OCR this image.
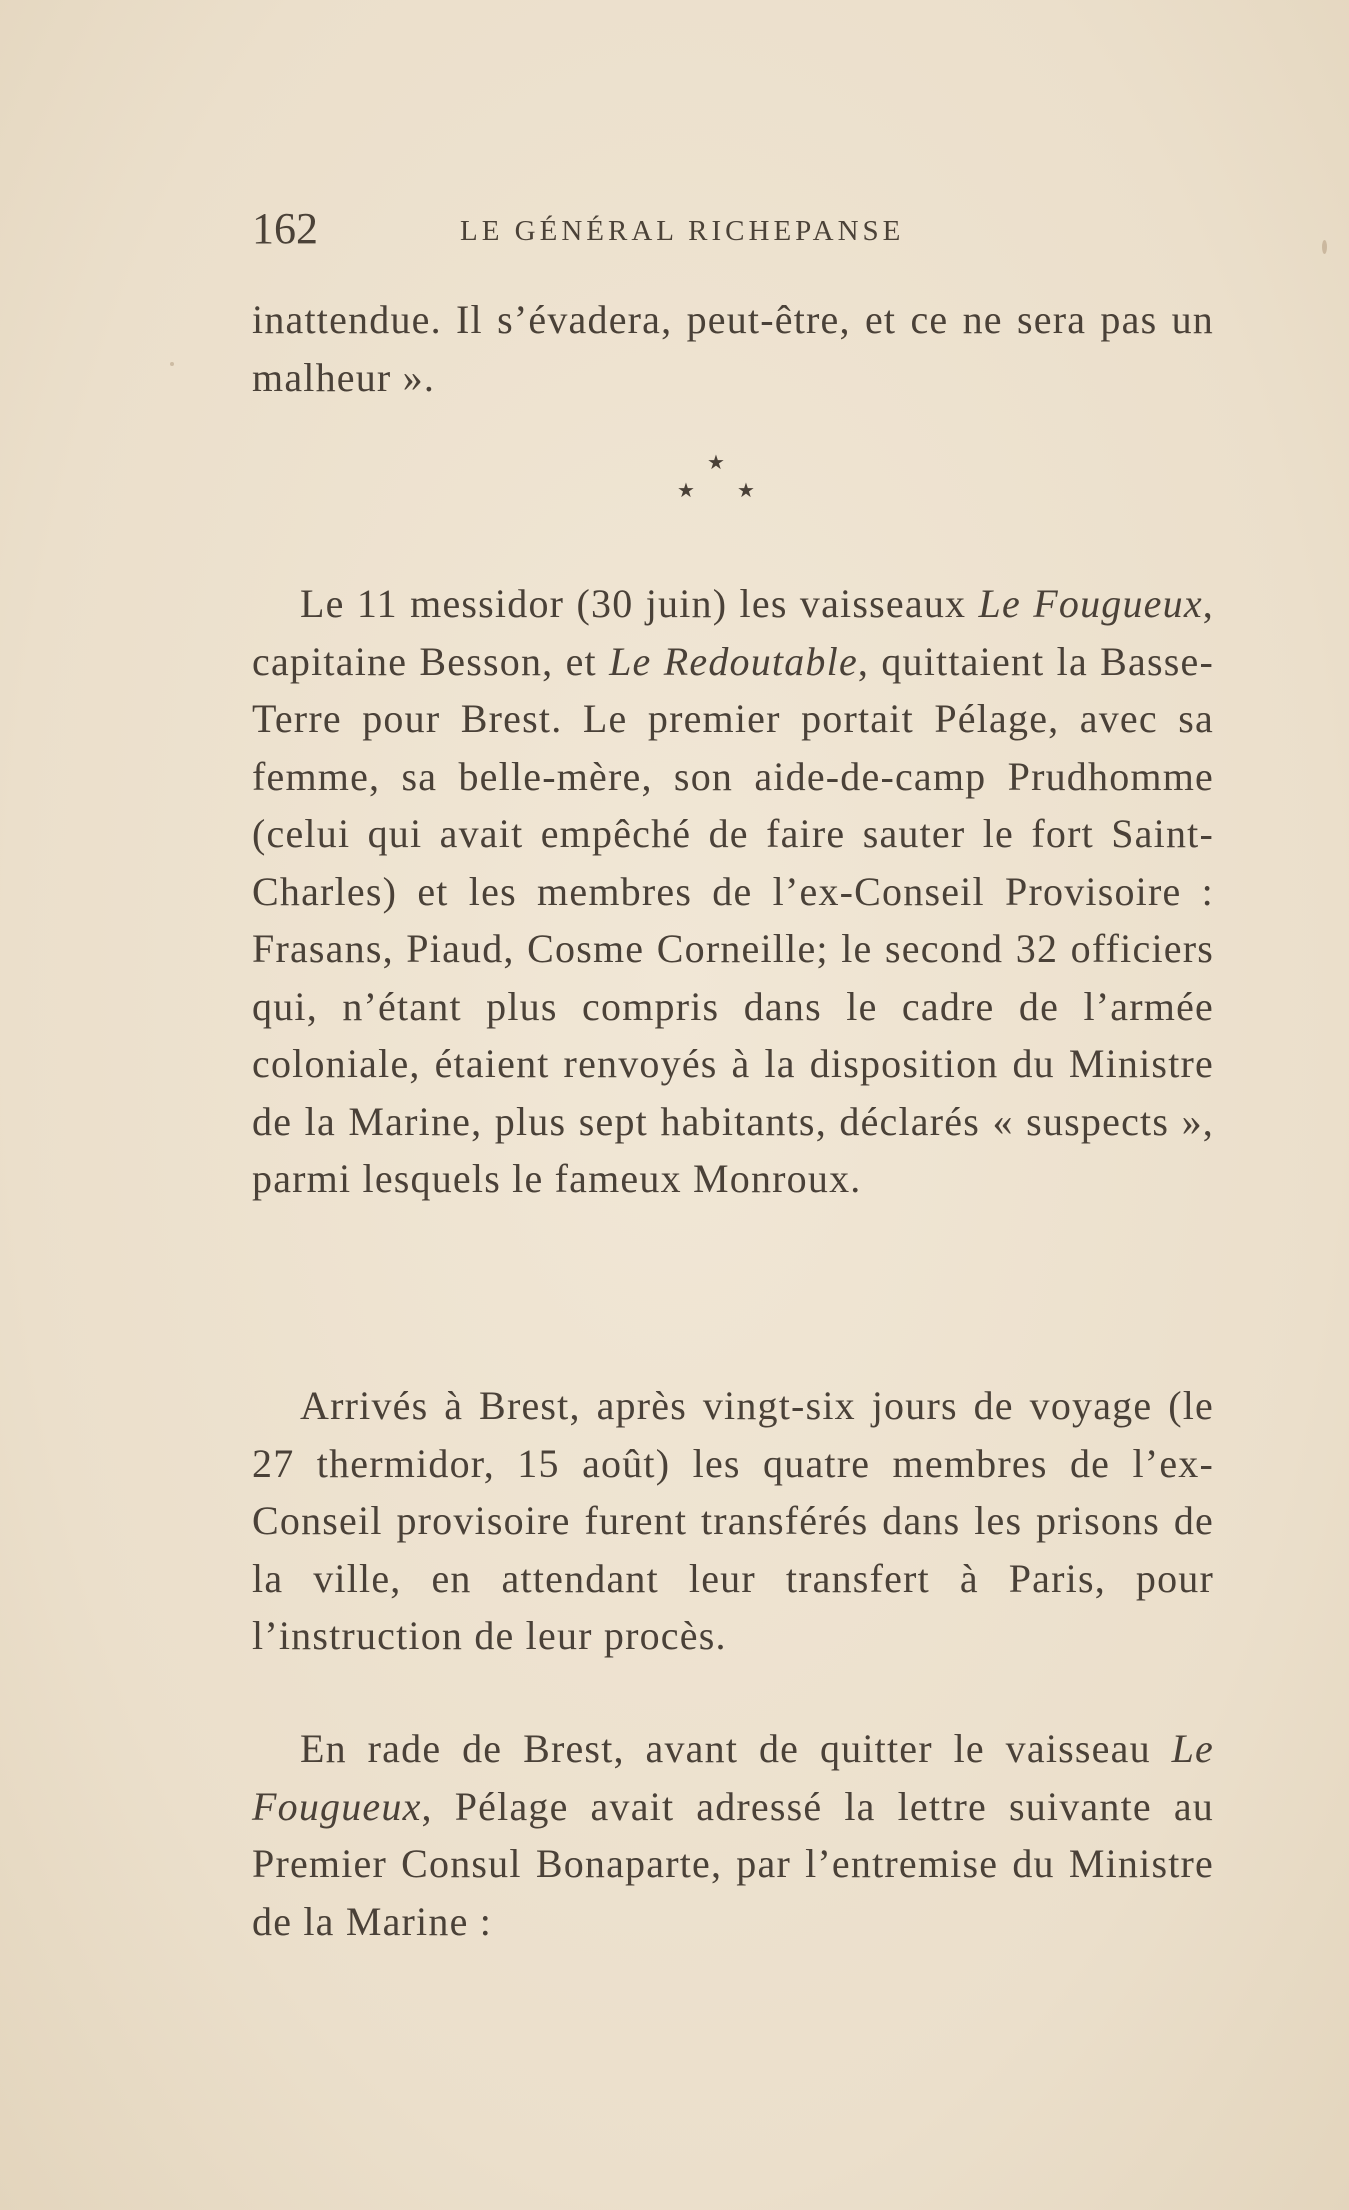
162	LE GÉNÉRAL RICHEPANSE

inattendue. Il s’évadera, peut-être, et ce ne sera pas un malheur ».

★
★ ★

Le 11 messidor (30 juin) les vaisseaux Le Fougueux, capitaine Besson, et Le Redoutable, quittaient la Basse-Terre pour Brest. Le premier portait Pélage, avec sa femme, sa belle-mère, son aide-de-camp Prudhomme (celui qui avait empêché de faire sauter le fort Saint-Charles) et les membres de l’ex-Conseil Provisoire : Frasans, Piaud, Cosme Corneille; le second 32 officiers qui, n’étant plus compris dans le cadre de l’armée coloniale, étaient renvoyés à la disposition du Ministre de la Marine, plus sept habitants, déclarés « suspects », parmi lesquels le fameux Monroux.

Arrivés à Brest, après vingt-six jours de voyage (le 27 thermidor, 15 août) les quatre membres de l’ex-Conseil provisoire furent transférés dans les prisons de la ville, en attendant leur transfert à Paris, pour l’instruction de leur procès.

En rade de Brest, avant de quitter le vaisseau Le Fougueux, Pélage avait adressé la lettre suivante au Premier Consul Bonaparte, par l’entremise du Ministre de la Marine :
